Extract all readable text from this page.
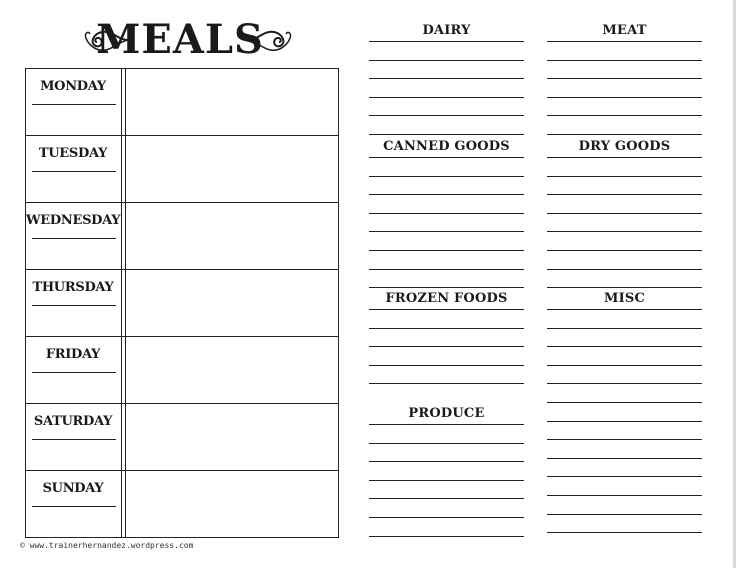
MEALS
MONDAY
TUESDAY
WEDNESDAY
THURSDAY
FRIDAY
SATURDAY
SUNDAY
DAIRY	MEAT
CANNED GOODS	DRY GOODS
FROZEN FOODS	MISC
PRODUCE
© www.trainerhernandez.wordpress.com
